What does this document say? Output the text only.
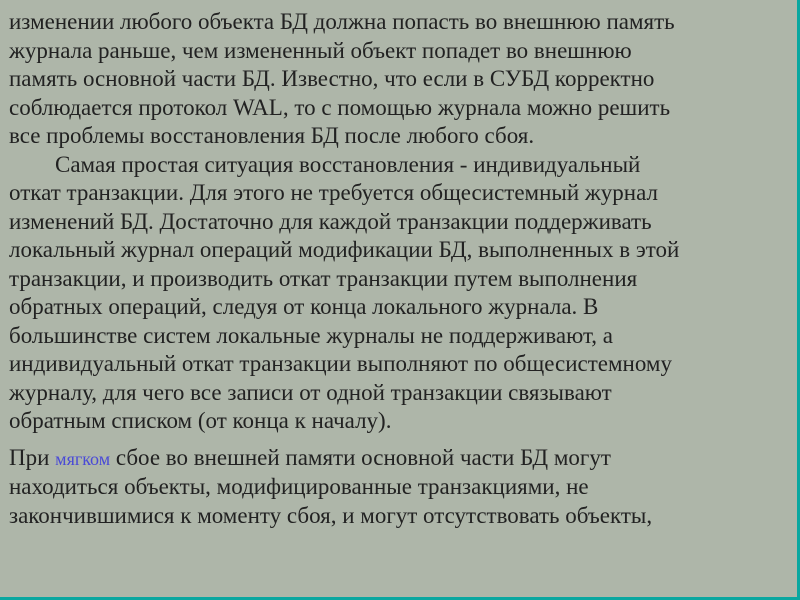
изменении любого объекта БД должна попасть во внешнюю память
журнала раньше, чем измененный объект попадет во внешнюю
память основной части БД. Известно, что если в СУБД корректно
соблюдается протокол WAL, то с помощью журнала можно решить
все проблемы восстановления БД после любого сбоя.
Самая простая ситуация восстановления - индивидуальный
откат транзакции. Для этого не требуется общесистемный журнал
изменений БД. Достаточно для каждой транзакции поддерживать
локальный журнал операций модификации БД, выполненных в этой
транзакции, и производить откат транзакции путем выполнения
обратных операций, следуя от конца локального журнала. В
большинстве систем локальные журналы не поддерживают, а
индивидуальный откат транзакции выполняют по общесистемному
журналу, для чего все записи от одной транзакции связывают
обратным списком (от конца к началу).
При мягком сбое во внешней памяти основной части БД могут
находиться объекты, модифицированные транзакциями, не
закончившимися к моменту сбоя, и могут отсутствовать объекты,
